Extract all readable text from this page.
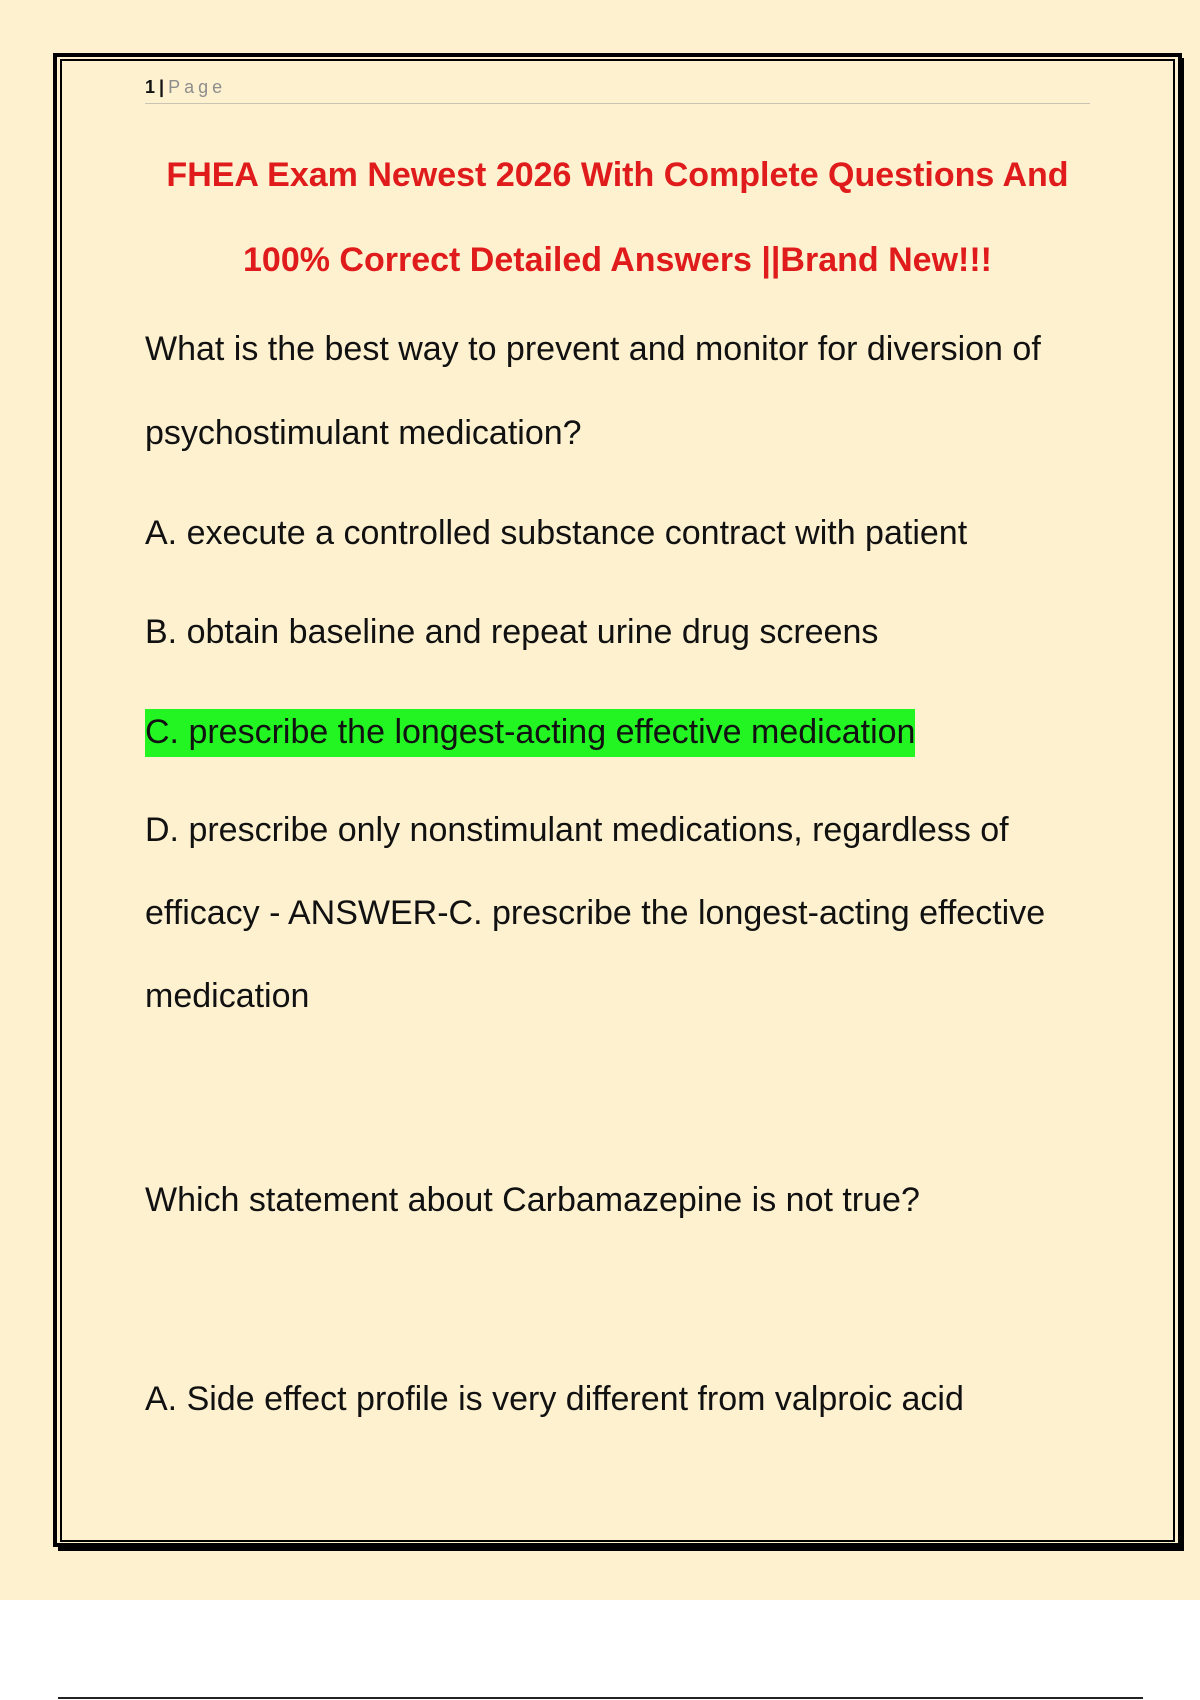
1 | Page
FHEA Exam Newest 2026 With Complete Questions And 100% Correct Detailed Answers ||Brand New!!!

What is the best way to prevent and monitor for diversion of psychostimulant medication?

A. execute a controlled substance contract with patient

B. obtain baseline and repeat urine drug screens

C. prescribe the longest-acting effective medication

D. prescribe only nonstimulant medications, regardless of efficacy - ANSWER-C. prescribe the longest-acting effective medication

Which statement about Carbamazepine is not true?

A. Side effect profile is very different from valproic acid
